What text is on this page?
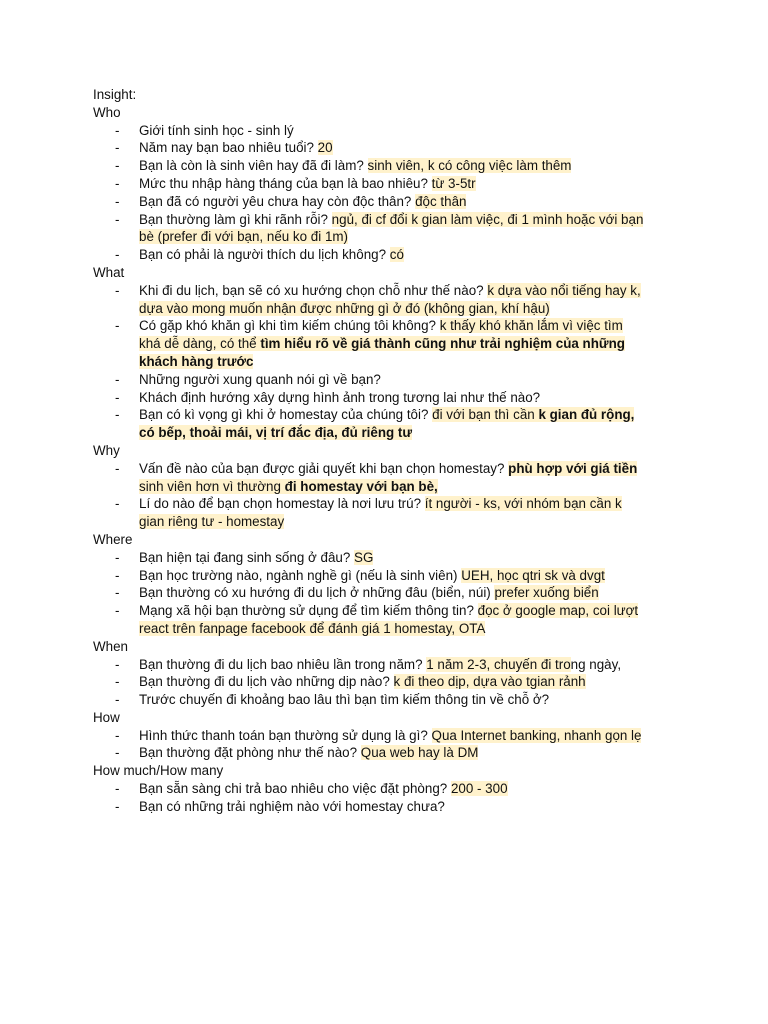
Insight:

Who

- Giới tính sinh học - sinh lý

- Năm nay bạn bao nhiêu tuổi? 20

- Bạn là còn là sinh viên hay đã đi làm? sinh viên, k có công việc làm thêm

- Mức thu nhập hàng tháng của bạn là bao nhiêu? từ 3-5tr

- Bạn đã có người yêu chưa hay còn độc thân? độc thân

- Bạn thường làm gì khi rãnh rỗi? ngủ, đi cf đổi k gian làm việc, đi 1 mình hoặc với bạn

bè (prefer đi với bạn, nếu ko đi 1m)

- Bạn có phải là người thích du lịch không? có

What

- Khi đi du lịch, bạn sẽ có xu hướng chọn chỗ như thế nào? k dựa vào nổi tiếng hay k,

dựa vào mong muốn nhận được những gì ở đó (không gian, khí hậu)

- Có gặp khó khăn gì khi tìm kiếm chúng tôi không? k thấy khó khăn lắm vì việc tìm

khá dễ dàng, có thể tìm hiểu rõ về giá thành cũng như trải nghiệm của những

khách hàng trước

- Những người xung quanh nói gì về bạn?

- Khách định hướng xây dựng hình ảnh trong tương lai như thế nào?

- Bạn có kì vọng gì khi ở homestay của chúng tôi? đi với bạn thì cần k gian đủ rộng,

có bếp, thoải mái, vị trí đắc địa, đủ riêng tư

Why

- Vấn đề nào của bạn được giải quyết khi bạn chọn homestay? phù hợp với giá tiền

sinh viên hơn vì thường đi homestay với bạn bè,

- Lí do nào để bạn chọn homestay là nơi lưu trú? ít người - ks, với nhóm bạn cần k

gian riêng tư - homestay

Where

- Bạn hiện tại đang sinh sống ở đâu? SG

- Bạn học trường nào, ngành nghề gì (nếu là sinh viên) UEH, học qtri sk và dvgt

- Bạn thường có xu hướng đi du lịch ở những đâu (biển, núi) prefer xuống biển

- Mạng xã hội bạn thường sử dụng để tìm kiếm thông tin? đọc ở google map, coi lượt

react trên fanpage facebook để đánh giá 1 homestay, OTA

When

- Bạn thường đi du lịch bao nhiêu lần trong năm? 1 năm 2-3, chuyến đi trong ngày,

- Bạn thường đi du lịch vào những dịp nào? k đi theo dịp, dựa vào tgian rảnh

- Trước chuyến đi khoảng bao lâu thì bạn tìm kiếm thông tin về chỗ ở?

How

- Hình thức thanh toán bạn thường sử dụng là gì? Qua Internet banking, nhanh gọn lẹ

- Bạn thường đặt phòng như thế nào? Qua web hay là DM

How much/How many

- Bạn sẵn sàng chi trả bao nhiêu cho việc đặt phòng? 200 - 300

- Bạn có những trải nghiệm nào với homestay chưa?
